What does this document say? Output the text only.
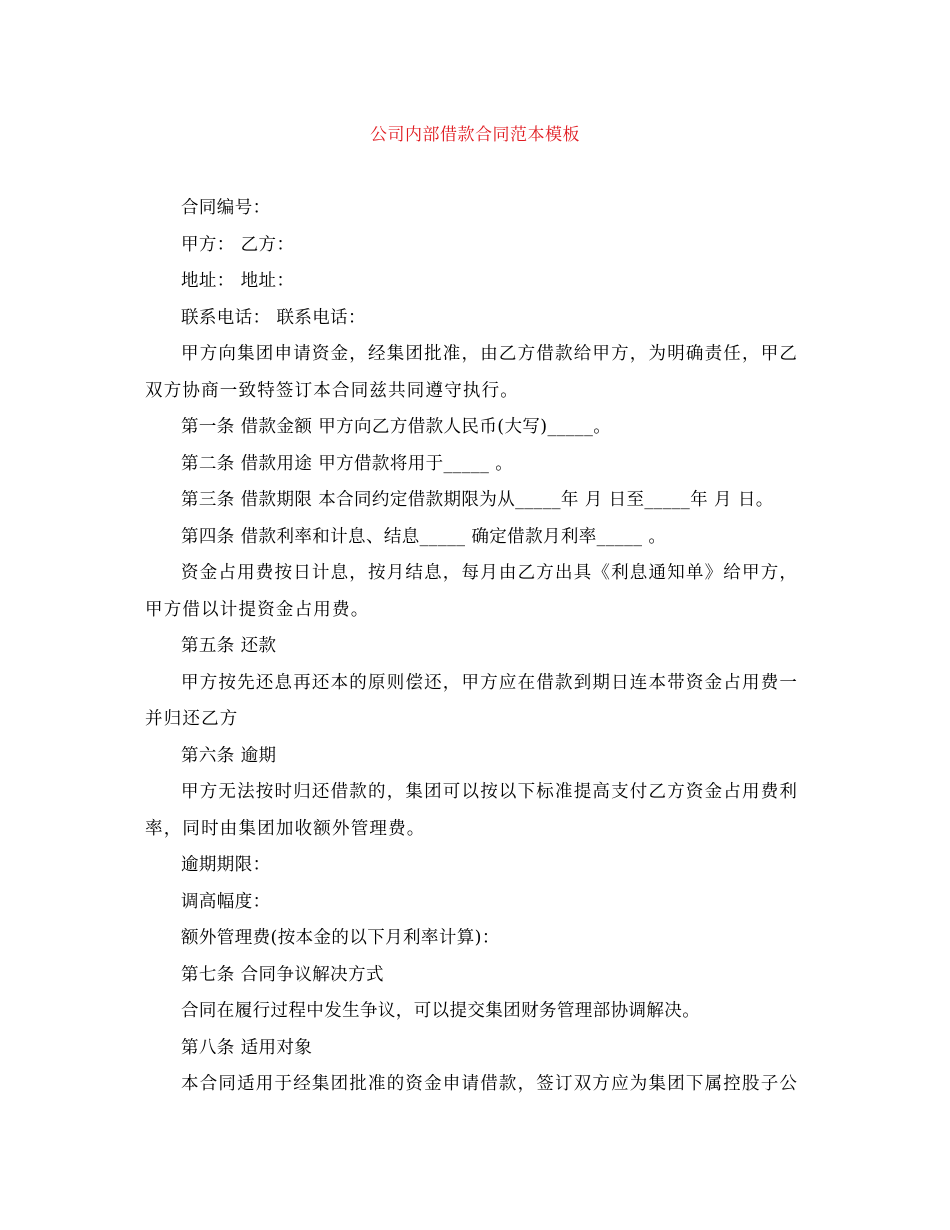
公司内部借款合同范本模板

合同编号：

甲方： 乙方：

地址： 地址：

联系电话： 联系电话：

甲方向集团申请资金，经集团批准，由乙方借款给甲方，为明确责任，甲乙双方协商一致特签订本合同兹共同遵守执行。

第一条 借款金额 甲方向乙方借款人民币(大写)_____。

第二条 借款用途 甲方借款将用于_____ 。

第三条 借款期限 本合同约定借款期限为从_____年 月 日至_____年 月 日。

第四条 借款利率和计息、结息_____ 确定借款月利率_____ 。

资金占用费按日计息，按月结息，每月由乙方出具《利息通知单》给甲方，甲方借以计提资金占用费。

第五条 还款

甲方按先还息再还本的原则偿还，甲方应在借款到期日连本带资金占用费一并归还乙方

第六条 逾期

甲方无法按时归还借款的，集团可以按以下标准提高支付乙方资金占用费利率，同时由集团加收额外管理费。

逾期期限：

调高幅度：

额外管理费(按本金的以下月利率计算)：

第七条 合同争议解决方式

合同在履行过程中发生争议，可以提交集团财务管理部协调解决。

第八条 适用对象

本合同适用于经集团批准的资金申请借款，签订双方应为集团下属控股子公
